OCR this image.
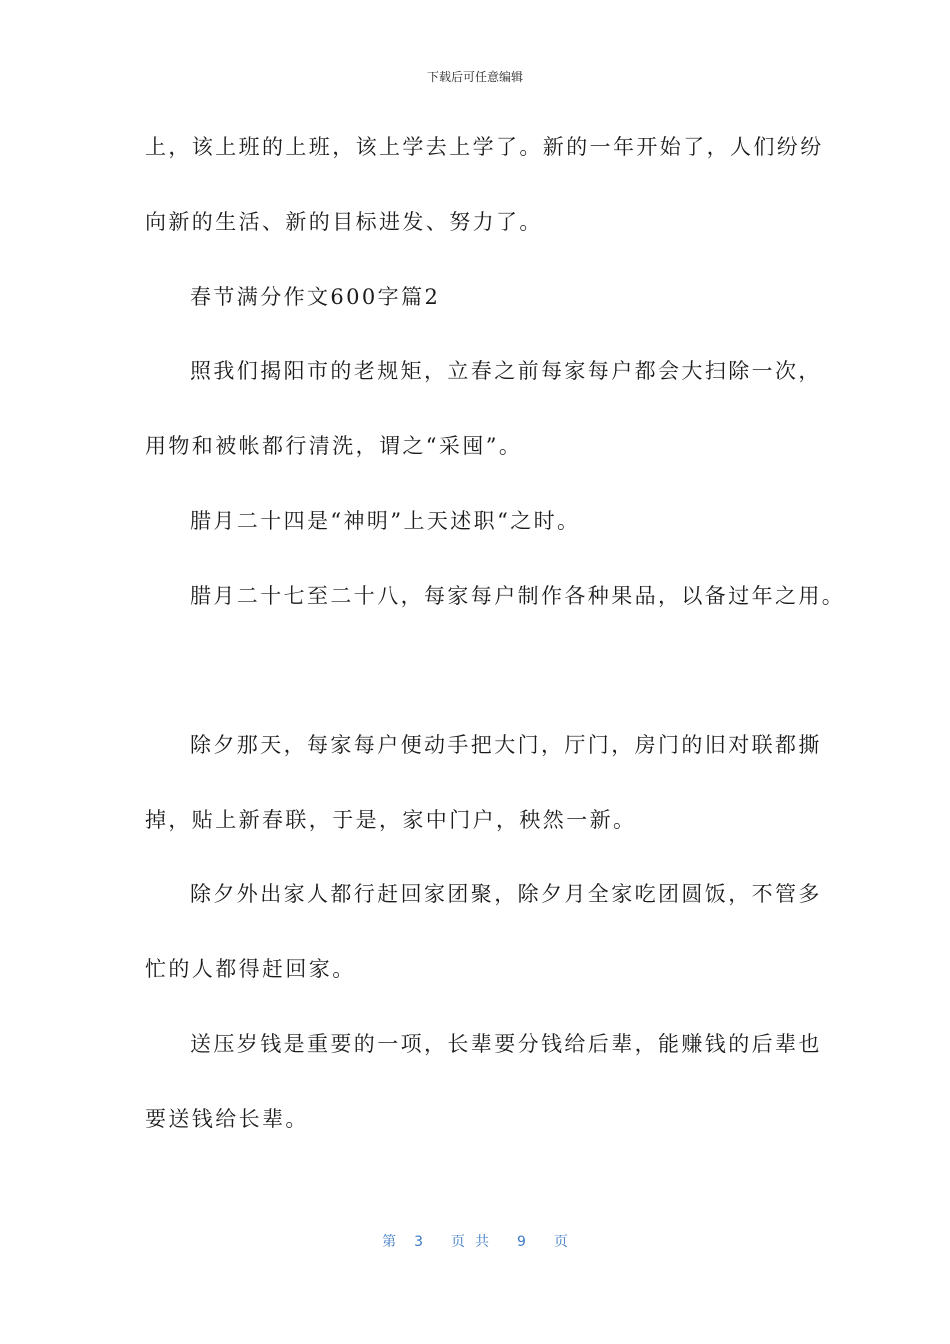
下载后可任意编辑
上，该上班的上班，该上学去上学了。新的一年开始了，人们纷纷
向新的生活、新的目标进发、努力了。
春节满分作文600字篇2
照我们揭阳市的老规矩，立春之前每家每户都会大扫除一次，
用物和被帐都行清洗，谓之“采囤”。
腊月二十四是“神明”上天述职“之时。
腊月二十七至二十八，每家每户制作各种果品，以备过年之用。
除夕那天，每家每户便动手把大门，厅门，房门的旧对联都撕
掉，贴上新春联，于是，家中门户，秧然一新。
除夕外出家人都行赶回家团聚，除夕月全家吃团圆饭，不管多
忙的人都得赶回家。
送压岁钱是重要的一项，长辈要分钱给后辈，能赚钱的后辈也
要送钱给长辈。
第 3 页共 9 页
